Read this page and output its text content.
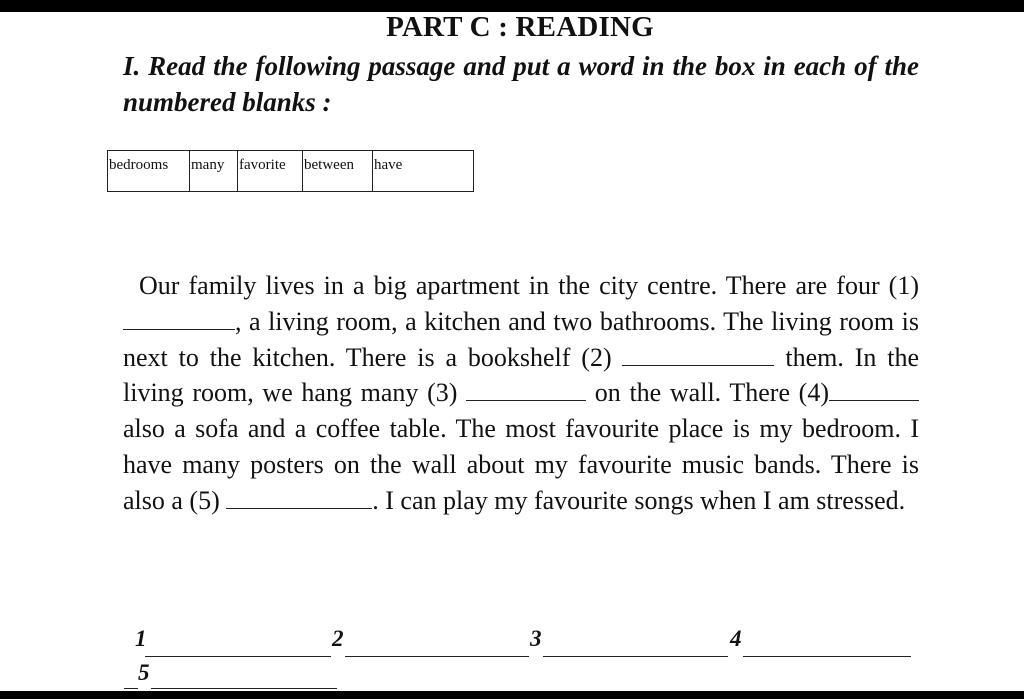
PART C : READING
I. Read the following passage and put a word in the box in each of the numbered blanks :
bedrooms	many	favorite	between	have
Our family lives in a big apartment in the city centre. There are four (1) , a living room, a kitchen and two bathrooms. The living room is next to the kitchen. There is a bookshelf (2)	them. In the living room, we hang many (3)	on the wall. There (4) also a sofa and a coffee table. The most favourite place is my bedroom. I have many posters on the wall about my favourite music bands. There is also a (5)	. I can play my favourite songs when I am stressed.
1	2	3	4
5
